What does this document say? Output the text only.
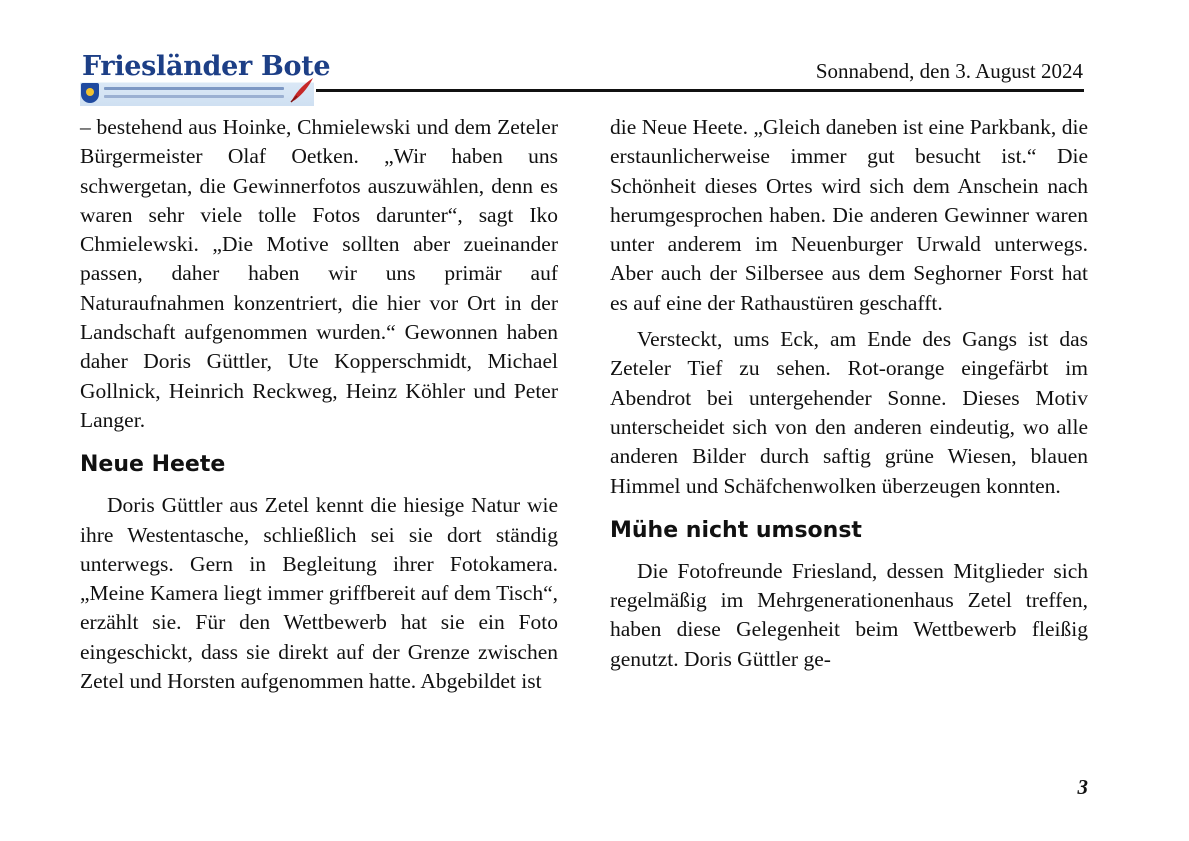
Friesländer Bote	Sonnabend, den 3. August 2024

– bestehend aus Hoinke, Chmielewski und dem Zeteler Bürgermeister Olaf Oetken. „Wir haben uns schwergetan, die Gewinnerfotos auszuwählen, denn es waren sehr viele tolle Fotos darunter“, sagt Iko Chmielewski. „Die Motive sollten aber zueinander passen, daher haben wir uns primär auf Naturaufnahmen konzentriert, die hier vor Ort in der Landschaft aufgenommen wurden.“ Gewonnen haben daher Doris Güttler, Ute Kopperschmidt, Michael Gollnick, Heinrich Reckweg, Heinz Köhler und Peter Langer.

Neue Heete

Doris Güttler aus Zetel kennt die hiesige Natur wie ihre Westentasche, schließlich sei sie dort ständig unterwegs. Gern in Begleitung ihrer Fotokamera. „Meine Kamera liegt immer griffbereit auf dem Tisch“, erzählt sie. Für den Wettbewerb hat sie ein Foto eingeschickt, dass sie direkt auf der Grenze zwischen Zetel und Horsten aufgenommen hatte. Abgebildet ist

die Neue Heete. „Gleich daneben ist eine Parkbank, die erstaunlicherweise immer gut besucht ist.“ Die Schönheit dieses Ortes wird sich dem Anschein nach herumgesprochen haben. Die anderen Gewinner waren unter anderem im Neuenburger Urwald unterwegs. Aber auch der Silbersee aus dem Seghorner Forst hat es auf eine der Rathaustüren geschafft.

Versteckt, ums Eck, am Ende des Gangs ist das Zeteler Tief zu sehen. Rot-orange eingefärbt im Abendrot bei untergehender Sonne. Dieses Motiv unterscheidet sich von den anderen eindeutig, wo alle anderen Bilder durch saftig grüne Wiesen, blauen Himmel und Schäfchenwolken überzeugen konnten.

Mühe nicht umsonst

Die Fotofreunde Friesland, dessen Mitglieder sich regelmäßig im Mehrgenerationenhaus Zetel treffen, haben diese Gelegenheit beim Wettbewerb fleißig genutzt. Doris Güttler ge-

3
